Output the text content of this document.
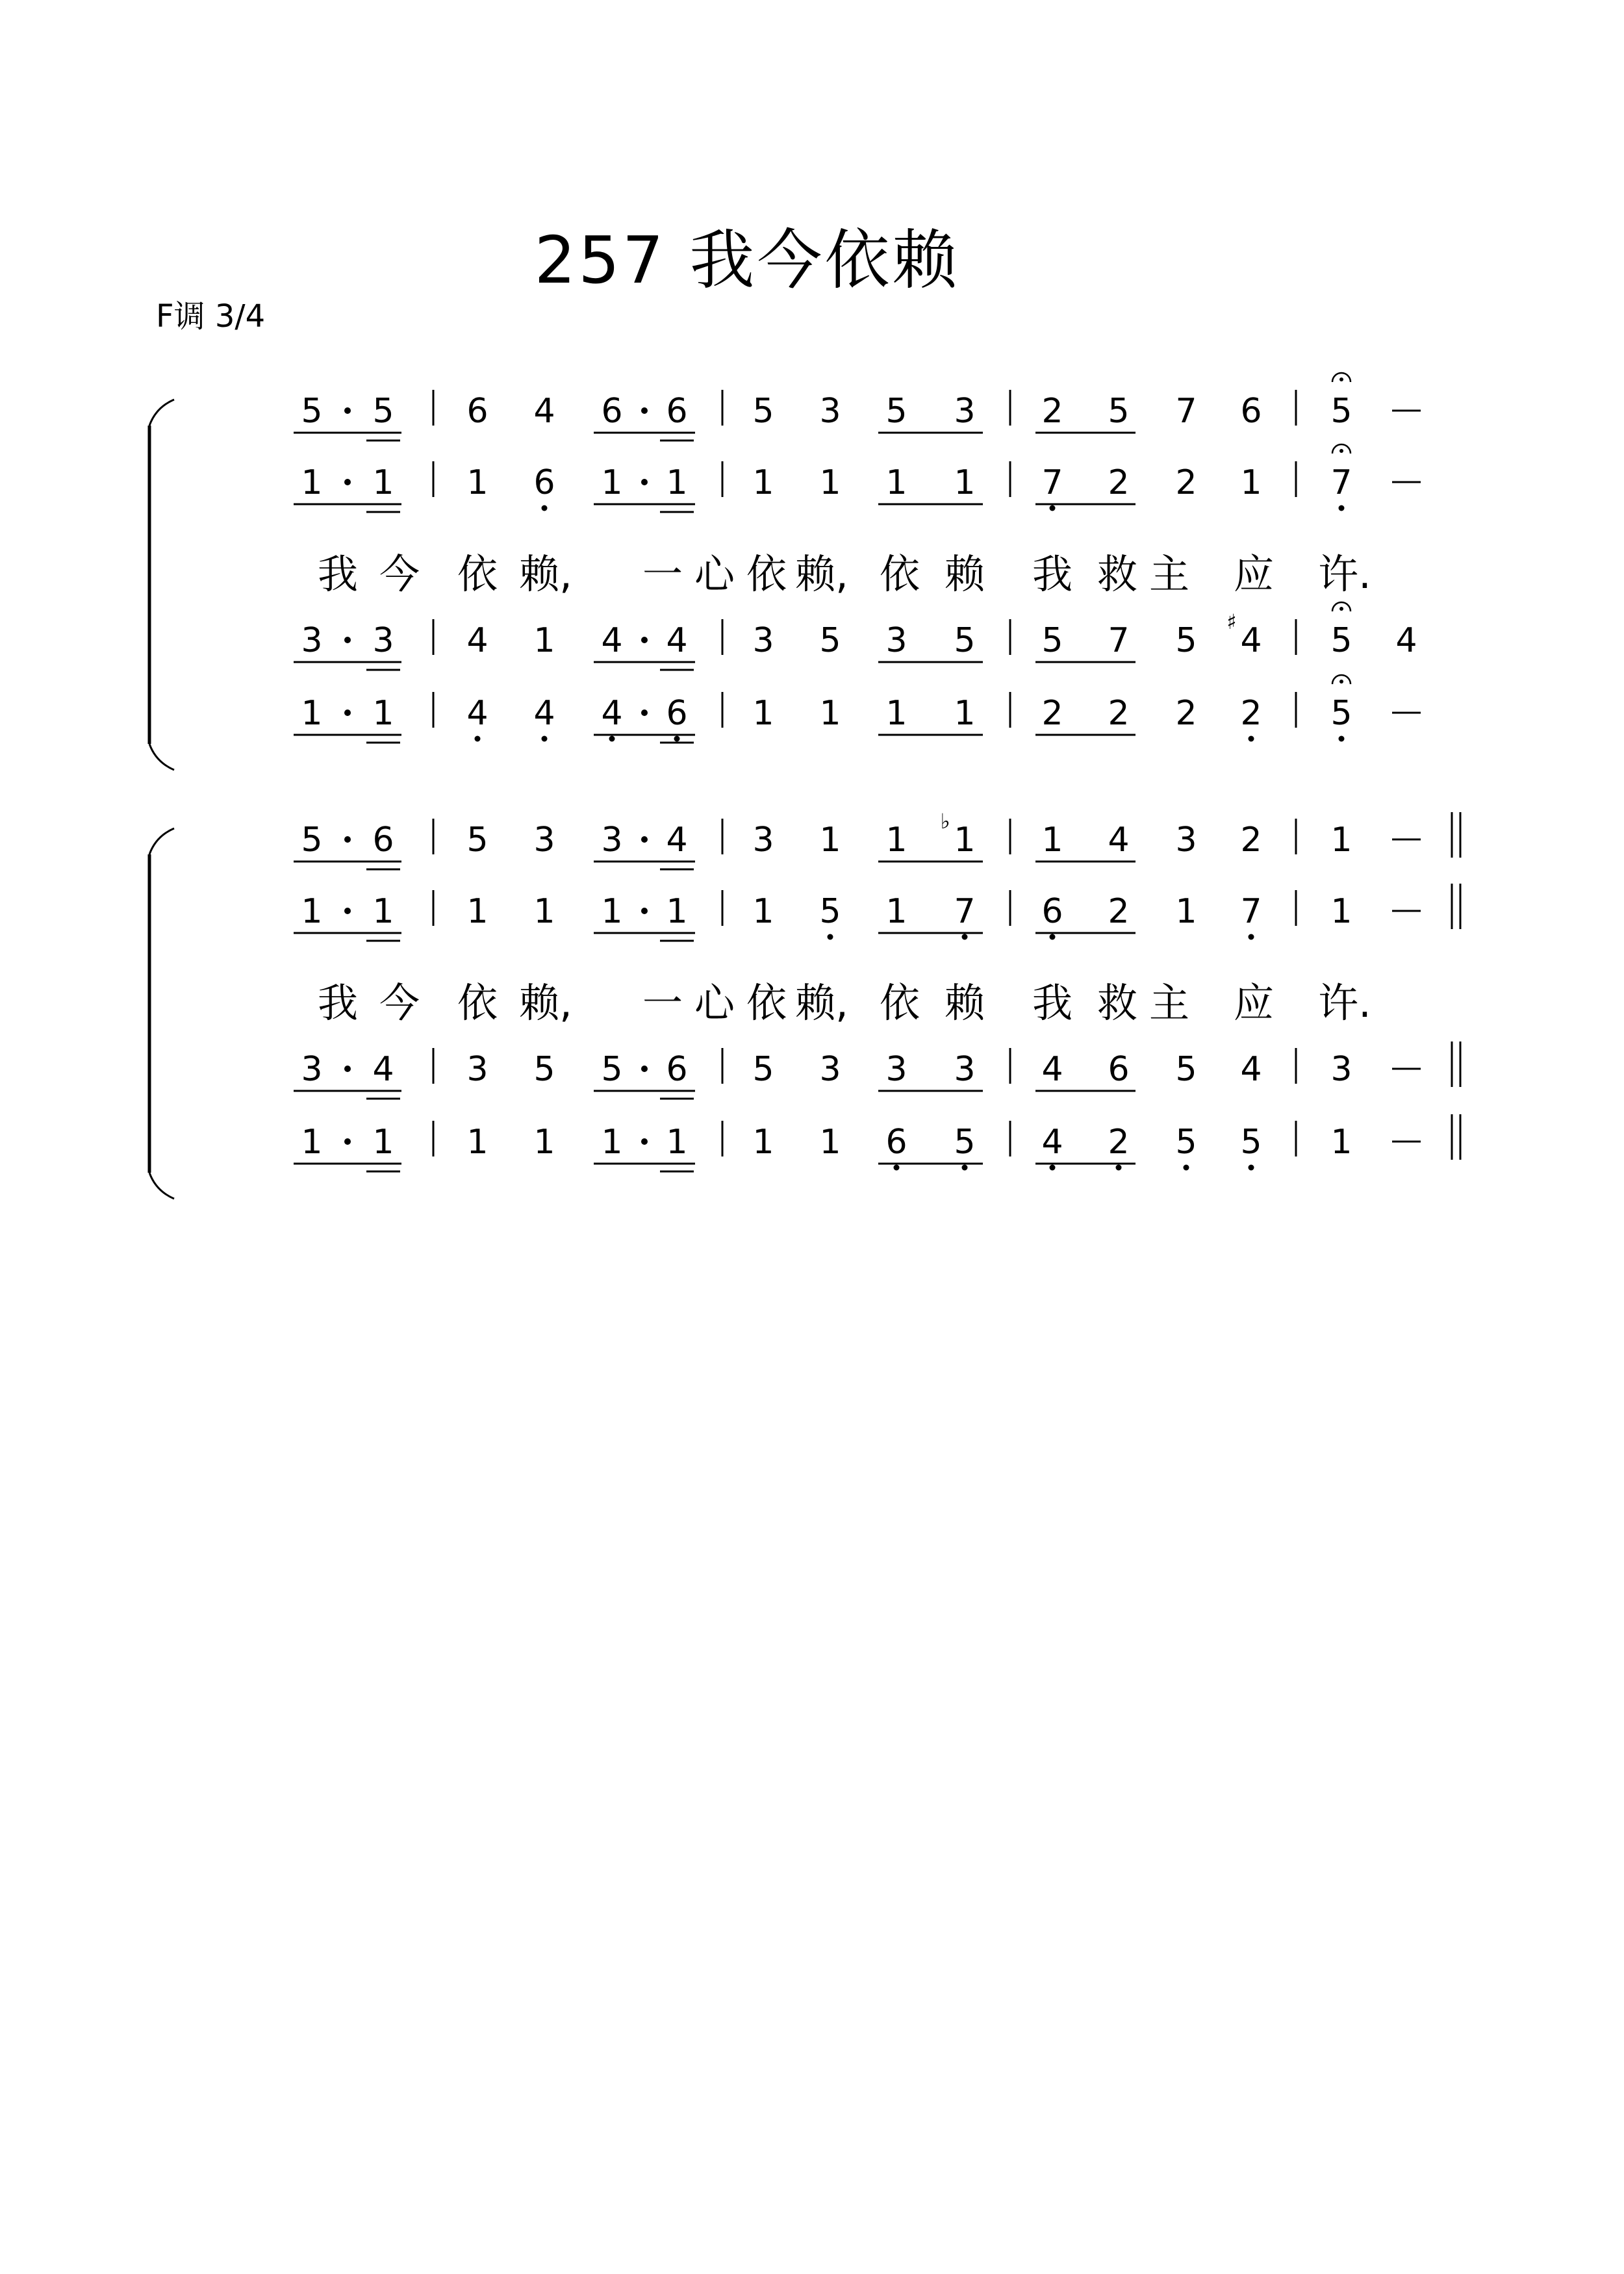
257 我今依赖
F调 3/4
5 5 6 4 6 6 5 3 5 3 2 5 7 6 5
1 1 1 6 1 1 1 1 1 1 7 2 2 1 7
3 3 4 1 4 4 3 5 3 5 5 7 5 ♯ 4 5 4
1 1 4 4 4 6 1 1 1 1 2 2 2 2 5
我 今 依 赖, 一 心 依 赖, 依 赖 我 救 主 应 许.
5 6 5 3 3 4 3 1 1 ♭ 1 1 4 3 2 1
1 1 1 1 1 1 1 5 1 7 6 2 1 7 1
3 4 3 5 5 6 5 3 3 3 4 6 5 4 3
1 1 1 1 1 1 1 1 6 5 4 2 5 5 1
我 今 依 赖, 一 心 依 赖, 依 赖 我 救 主 应 许.
